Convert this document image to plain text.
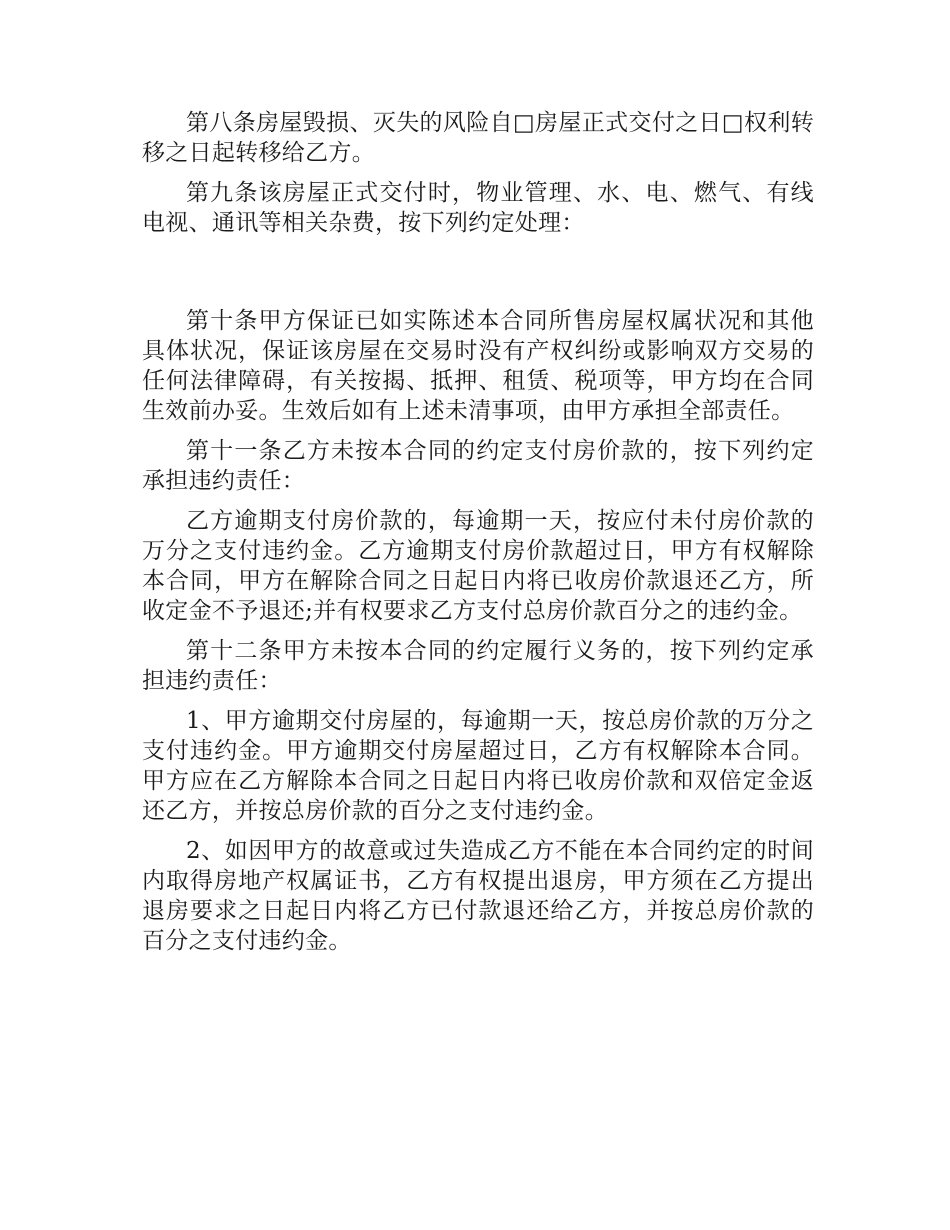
第八条房屋毁损、灭失的风险自□房屋正式交付之日□权利转移之日起转移给乙方。

第九条该房屋正式交付时，物业管理、水、电、燃气、有线电视、通讯等相关杂费，按下列约定处理：

第十条甲方保证已如实陈述本合同所售房屋权属状况和其他具体状况，保证该房屋在交易时没有产权纠纷或影响双方交易的任何法律障碍，有关按揭、抵押、租赁、税项等，甲方均在合同生效前办妥。生效后如有上述未清事项，由甲方承担全部责任。

第十一条乙方未按本合同的约定支付房价款的，按下列约定承担违约责任：

乙方逾期支付房价款的，每逾期一天，按应付未付房价款的万分之支付违约金。乙方逾期支付房价款超过日，甲方有权解除本合同，甲方在解除合同之日起日内将已收房价款退还乙方，所收定金不予退还;并有权要求乙方支付总房价款百分之的违约金。

第十二条甲方未按本合同的约定履行义务的，按下列约定承担违约责任：

1、甲方逾期交付房屋的，每逾期一天，按总房价款的万分之支付违约金。甲方逾期交付房屋超过日，乙方有权解除本合同。甲方应在乙方解除本合同之日起日内将已收房价款和双倍定金返还乙方，并按总房价款的百分之支付违约金。

2、如因甲方的故意或过失造成乙方不能在本合同约定的时间内取得房地产权属证书，乙方有权提出退房，甲方须在乙方提出退房要求之日起日内将乙方已付款退还给乙方，并按总房价款的百分之支付违约金。
